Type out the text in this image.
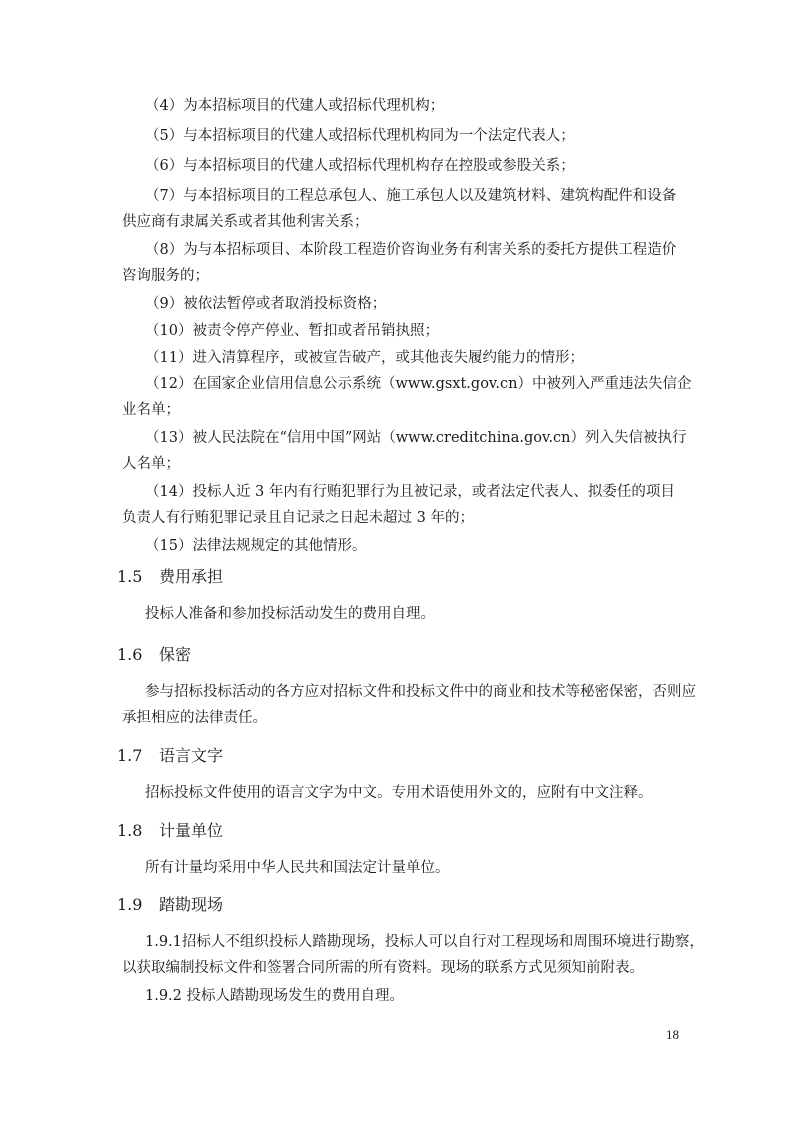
（4）为本招标项目的代建人或招标代理机构；
（5）与本招标项目的代建人或招标代理机构同为一个法定代表人；
（6）与本招标项目的代建人或招标代理机构存在控股或参股关系；
（7）与本招标项目的工程总承包人、施工承包人以及建筑材料、建筑构配件和设备
供应商有隶属关系或者其他利害关系；
（8）为与本招标项目、本阶段工程造价咨询业务有利害关系的委托方提供工程造价
咨询服务的；
（9）被依法暂停或者取消投标资格；
（10）被责令停产停业、暂扣或者吊销执照；
（11）进入清算程序，或被宣告破产，或其他丧失履约能力的情形；
（12）在国家企业信用信息公示系统（www.gsxt.gov.cn）中被列入严重违法失信企
业名单；
（13）被人民法院在“信用中国”网站（www.creditchina.gov.cn）列入失信被执行
人名单；
（14）投标人近 3 年内有行贿犯罪行为且被记录，或者法定代表人、拟委任的项目
负责人有行贿犯罪记录且自记录之日起未超过 3 年的；
（15）法律法规规定的其他情形。
1.5 费用承担
投标人准备和参加投标活动发生的费用自理。
1.6 保密
参与招标投标活动的各方应对招标文件和投标文件中的商业和技术等秘密保密，否则应
承担相应的法律责任。
1.7 语言文字
招标投标文件使用的语言文字为中文。专用术语使用外文的，应附有中文注释。
1.8 计量单位
所有计量均采用中华人民共和国法定计量单位。
1.9 踏勘现场
1.9.1招标人不组织投标人踏勘现场，投标人可以自行对工程现场和周围环境进行勘察，
以获取编制投标文件和签署合同所需的所有资料。现场的联系方式见须知前附表。
1.9.2 投标人踏勘现场发生的费用自理。
18
